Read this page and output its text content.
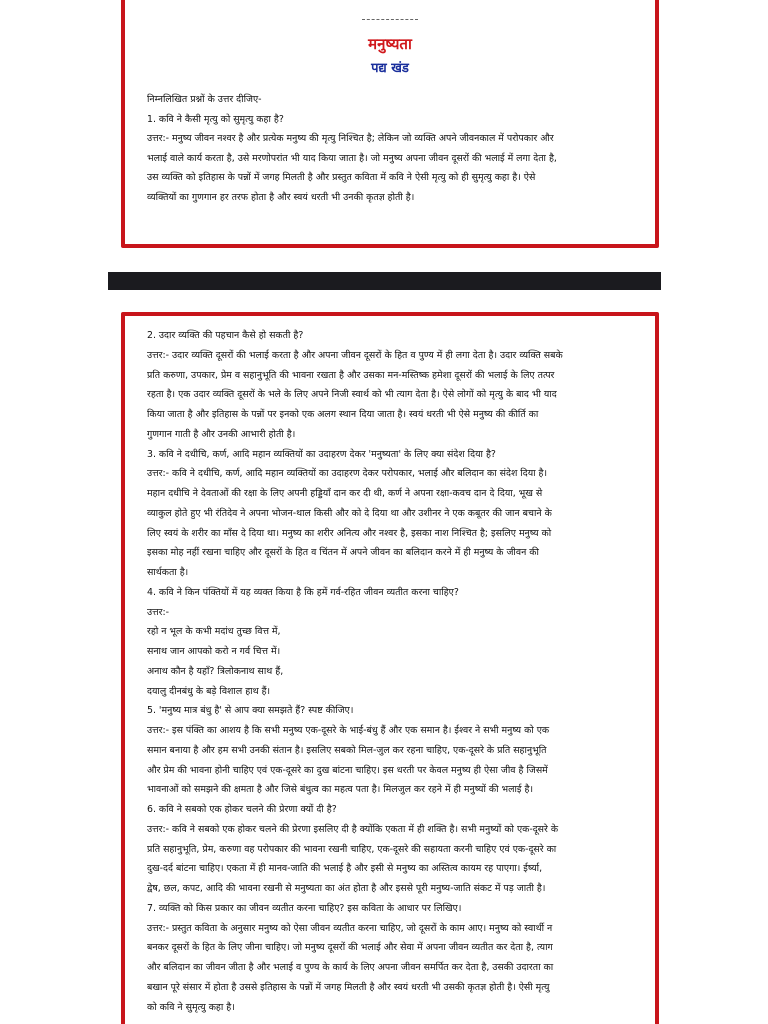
मनुष्यता
पद्य खंड
निम्नलिखित प्रश्नों के उत्तर दीजिए-
1. कवि ने कैसी मृत्यु को सुमृत्यु कहा है?
उत्तर:- मनुष्य जीवन नश्वर है और प्रत्येक मनुष्य की मृत्यु निश्चित है; लेकिन जो व्यक्ति अपने जीवनकाल में परोपकार और
भलाई वाले कार्य करता है, उसे मरणोपरांत भी याद किया जाता है। जो मनुष्य अपना जीवन दूसरों की भलाई में लगा देता है,
उस व्यक्ति को इतिहास के पन्नों में जगह मिलती है और प्रस्तुत कविता में कवि ने ऐसी मृत्यु को ही सुमृत्यु कहा है। ऐसे
व्यक्तियों का गुणगान हर तरफ होता है और स्वयं धरती भी उनकी कृतज्ञ होती है।
2. उदार व्यक्ति की पहचान कैसे हो सकती है?
उत्तर:- उदार व्यक्ति दूसरों की भलाई करता है और अपना जीवन दूसरों के हित व पुण्य में ही लगा देता है। उदार व्यक्ति सबके
प्रति करुणा, उपकार, प्रेम व सहानुभूति की भावना रखता है और उसका मन-मस्तिष्क हमेशा दूसरों की भलाई के लिए तत्पर
रहता है। एक उदार व्यक्ति दूसरों के भले के लिए अपने निजी स्वार्थ को भी त्याग देता है। ऐसे लोगों को मृत्यु के बाद भी याद
किया जाता है और इतिहास के पन्नों पर इनको एक अलग स्थान दिया जाता है। स्वयं धरती भी ऐसे मनुष्य की कीर्ति का
गुणगान गाती है और उनकी आभारी होती है।
3. कवि ने दधीचि, कर्ण, आदि महान व्यक्तियों का उदाहरण देकर 'मनुष्यता' के लिए क्या संदेश दिया है?
उत्तर:- कवि ने दधीचि, कर्ण, आदि महान व्यक्तियों का उदाहरण देकर परोपकार, भलाई और बलिदान का संदेश दिया है।
महान दधीचि ने देवताओं की रक्षा के लिए अपनी हड्डियाँ दान कर दी थी, कर्ण ने अपना रक्षा-कवच दान दे दिया, भूख से
व्याकुल होते हुए भी रंतिदेव ने अपना भोजन-थाल किसी और को दे दिया था और उशीनर ने एक कबूतर की जान बचाने के
लिए स्वयं के शरीर का माँस दे दिया था। मनुष्य का शरीर अनित्य और नश्वर है, इसका नाश निश्चित है; इसलिए मनुष्य को
इसका मोह नहीं रखना चाहिए और दूसरों के हित व चिंतन में अपने जीवन का बलिदान करने में ही मनुष्य के जीवन की
सार्थकता है।
4. कवि ने किन पंक्तियों में यह व्यक्त किया है कि हमें गर्व-रहित जीवन व्यतीत करना चाहिए?
उत्तर:-
रहो न भूल के कभी मदांध तुच्छ वित्त में,
सनाथ जान आपको करो न गर्व चित्त में।
अनाथ कौन है यहाँ? त्रिलोकनाथ साथ हैं,
दयालु दीनबंधु के बड़े विशाल हाथ हैं।
5. 'मनुष्य मात्र बंधु है' से आप क्या समझते हैं? स्पष्ट कीजिए।
उत्तर:- इस पंक्ति का आशय है कि सभी मनुष्य एक-दूसरे के भाई-बंधु हैं और एक समान है। ईश्वर ने सभी मनुष्य को एक
समान बनाया है और हम सभी उनकी संतान है। इसलिए सबको मिल-जुल कर रहना चाहिए, एक-दूसरे के प्रति सहानुभूति
और प्रेम की भावना होनी चाहिए एवं एक-दूसरे का दुख बांटना चाहिए। इस धरती पर केवल मनुष्य ही ऐसा जीव है जिसमें
भावनाओं को समझने की क्षमता है और जिसे बंधुत्व का महत्व पता है। मिलजुल कर रहने में ही मनुष्यों की भलाई है।
6. कवि ने सबको एक होकर चलने की प्रेरणा क्यों दी है?
उत्तर:- कवि ने सबको एक होकर चलने की प्रेरणा इसलिए दी है क्योंकि एकता में ही शक्ति है। सभी मनुष्यों को एक-दूसरे के
प्रति सहानुभूति, प्रेम, करुणा वह परोपकार की भावना रखनी चाहिए, एक-दूसरे की सहायता करनी चाहिए एवं एक-दूसरे का
दुख-दर्द बांटना चाहिए। एकता में ही मानव-जाति की भलाई है और इसी से मनुष्य का अस्तित्व कायम रह पाएगा। ईर्ष्या,
द्वेष, छल, कपट, आदि की भावना रखनी से मनुष्यता का अंत होता है और इससे पूरी मनुष्य-जाति संकट में पड़ जाती है।
7. व्यक्ति को किस प्रकार का जीवन व्यतीत करना चाहिए? इस कविता के आधार पर लिखिए।
उत्तर:- प्रस्तुत कविता के अनुसार मनुष्य को ऐसा जीवन व्यतीत करना चाहिए, जो दूसरों के काम आए। मनुष्य को स्वार्थी न
बनकर दूसरों के हित के लिए जीना चाहिए। जो मनुष्य दूसरों की भलाई और सेवा में अपना जीवन व्यतीत कर देता है, त्याग
और बलिदान का जीवन जीता है और भलाई व पुण्य के कार्य के लिए अपना जीवन समर्पित कर देता है, उसकी उदारता का
बखान पूरे संसार में होता है उससे इतिहास के पन्नों में जगह मिलती है और स्वयं धरती भी उसकी कृतज्ञ होती है। ऐसी मृत्यु
को कवि ने सुमृत्यु कहा है।
